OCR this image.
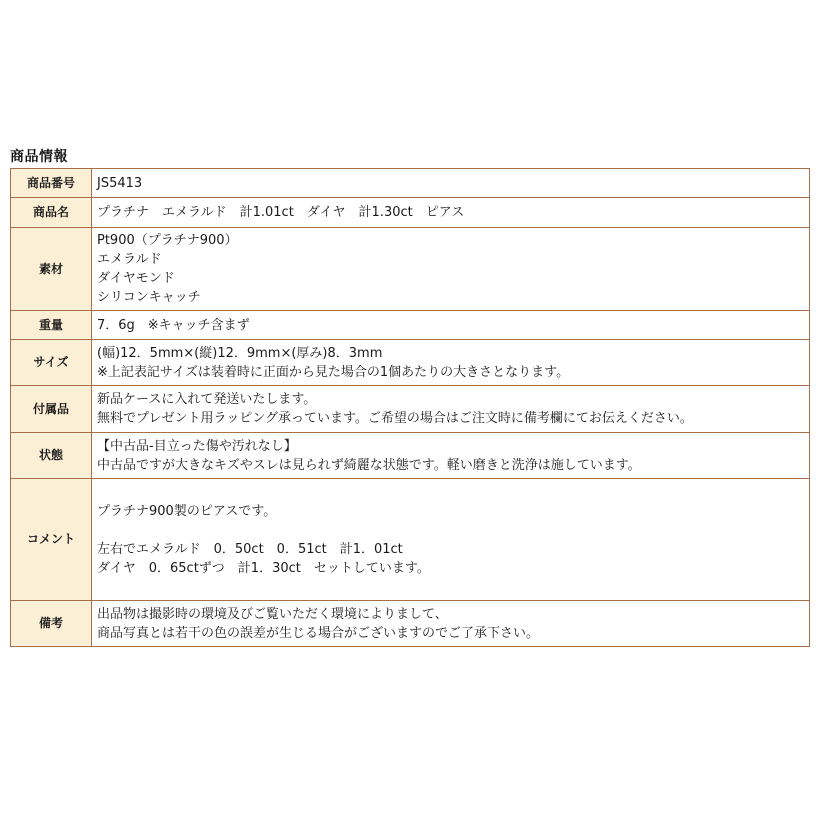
商品情報
商品番号	JS5413

商品名	プラチナ　エメラルド　計1.01ct　ダイヤ　計1.30ct　ピアス

素材	Pt900（プラチナ900）
エメラルド
ダイヤモンド
シリコンキャッチ

重量	7．6g　※キャッチ含まず

サイズ	(幅)12．5mm×(縦)12．9mm×(厚み)8．3mm
※上記表記サイズは装着時に正面から見た場合の1個あたりの大きさとなります。

付属品	新品ケースに入れて発送いたします。
無料でプレゼント用ラッピング承っています。ご希望の場合はご注文時に備考欄にてお伝えください。

状態	【中古品-目立った傷や汚れなし】
中古品ですが大きなキズやスレは見られず綺麗な状態です。軽い磨きと洗浄は施しています。

コメント	プラチナ900製のピアスです。
左右でエメラルド　0．50ct　0．51ct　計1．01ct
ダイヤ　0．65ctずつ　計1．30ct　セットしています。

備考	出品物は撮影時の環境及びご覧いただく環境によりまして、
商品写真とは若干の色の誤差が生じる場合がございますのでご了承下さい。
